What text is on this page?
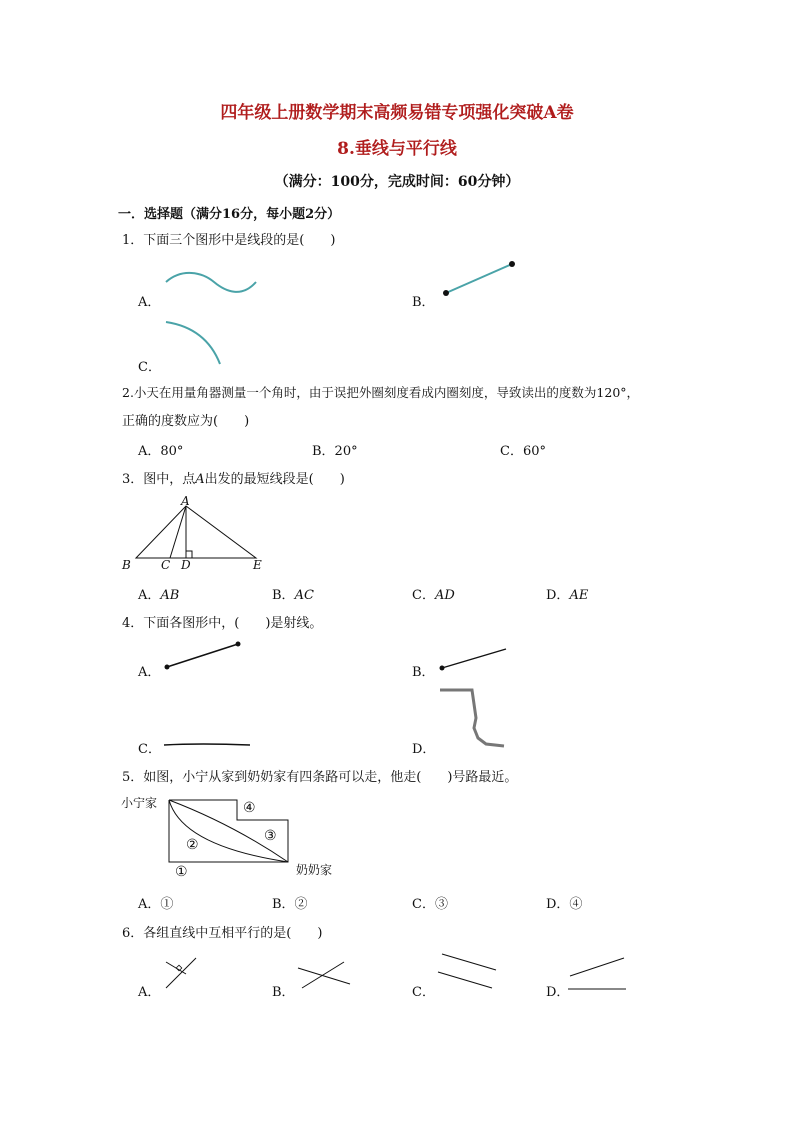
四年级上册数学期末高频易错专项强化突破A卷
8.垂线与平行线
（满分：100分，完成时间：60分钟）
一．选择题（满分16分，每小题2分）
1．下面三个图形中是线段的是(　　)
A．	B．
C．
2.小天在用量角器测量一个角时，由于误把外圈刻度看成内圈刻度，导致读出的度数为120°，
正确的度数应为(　　)
A．80°	B．20°	C．60°
3．图中，点A出发的最短线段是(　　)
A
B	C D	E
A．AB	B．AC	C．AD	D．AE
4．下面各图形中，(　　)是射线。
A．	B．
C．	D．
5．如图，小宁从家到奶奶家有四条路可以走，他走(　　)号路最近。
小宁家	④
③
②
①	奶奶家
A．①	B．②	C．③	D．④
6．各组直线中互相平行的是(　　)
A．	B．	C．	D．
